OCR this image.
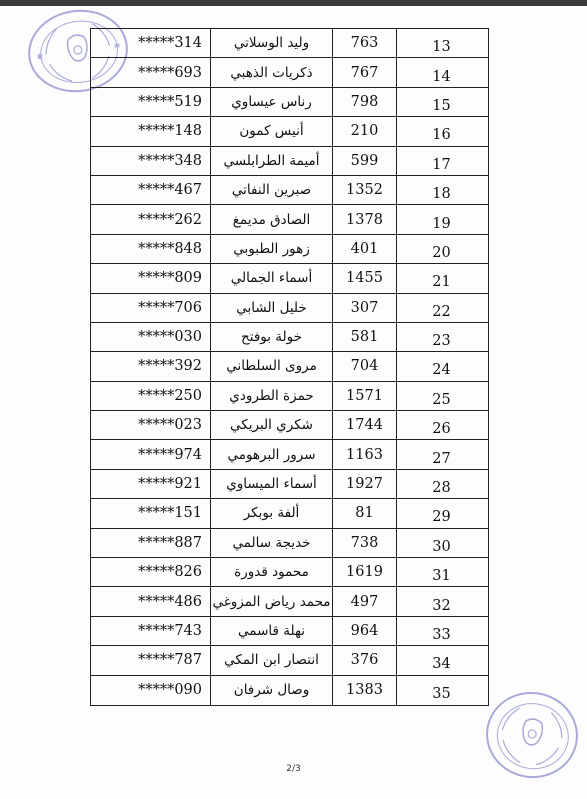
✱
✱	*****314	وليد الوسلاتي	763	13
*****693	ذكريات الذهبي	767	14
*****519	رناس عيساوي	798	15
*****148	أنيس كمون	210	16
*****348	أميمة الطرابلسي	599	17
*****467	صبرين النفاتي	1352	18
*****262	الصادق مديمغ	1378	19
*****848	زهور الطبوبي	401	20
*****809	أسماء الجمالي	1455	21
*****706	خليل الشابي	307	22
*****030	خولة بوفتح	581	23
*****392	مروى السلطاني	704	24
*****250	حمزة الطرودي	1571	25
*****023	شكري البريكي	1744	26
*****974	سرور البرهومي	1163	27
*****921	أسماء الميساوي	1927	28
*****151	ألفة بوبكر	81	29
*****887	خديجة سالمي	738	30
*****826	محمود قدورة	1619	31
*****486 محمد رياض المزوغي	497	32
*****743	نهلة قاسمي	964	33
*****787	انتصار ابن المكي	376	34
*****090	وصال شرفان	1383	35
2/3
